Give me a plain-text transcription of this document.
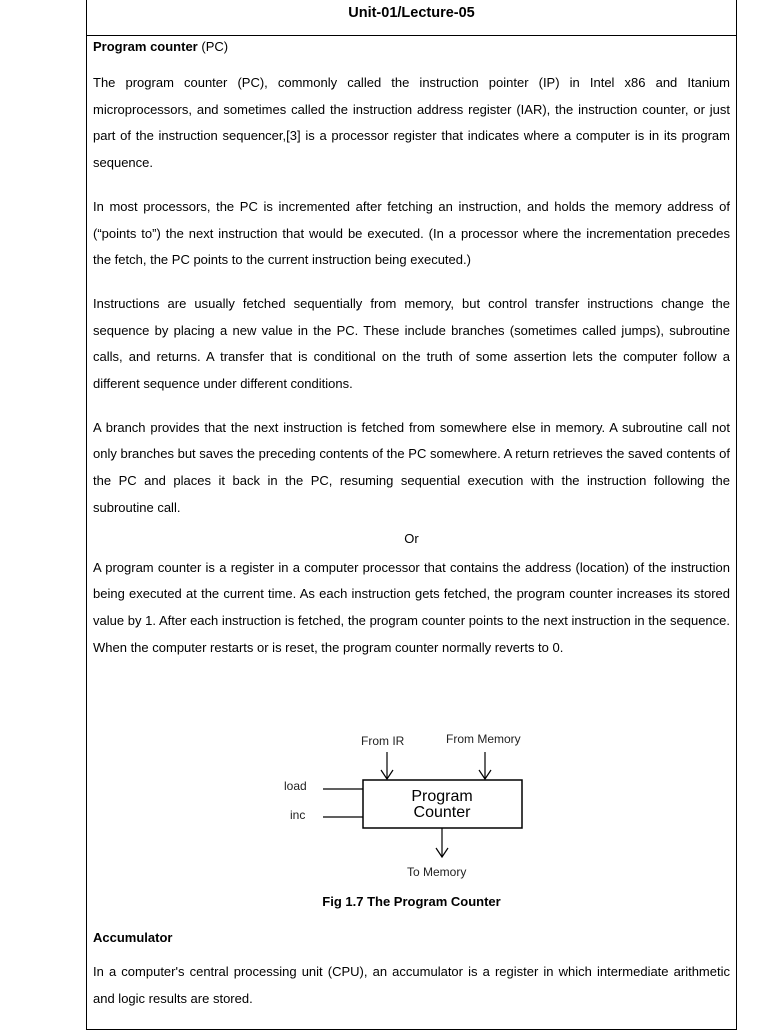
Unit-01/Lecture-05
Program counter (PC)

The program counter (PC), commonly called the instruction pointer (IP) in Intel x86 and Itanium microprocessors, and sometimes called the instruction address register (IAR), the instruction counter, or just part of the instruction sequencer,[3] is a processor register that indicates where a computer is in its program sequence.

In most processors, the PC is incremented after fetching an instruction, and holds the memory address of (“points to”) the next instruction that would be executed. (In a processor where the incrementation precedes the fetch, the PC points to the current instruction being executed.)

Instructions are usually fetched sequentially from memory, but control transfer instructions change the sequence by placing a new value in the PC. These include branches (sometimes called jumps), subroutine calls, and returns. A transfer that is conditional on the truth of some assertion lets the computer follow a different sequence under different conditions.

A branch provides that the next instruction is fetched from somewhere else in memory. A subroutine call not only branches but saves the preceding contents of the PC somewhere. A return retrieves the saved contents of the PC and places it back in the PC, resuming sequential execution with the instruction following the subroutine call.

Or

A program counter is a register in a computer processor that contains the address (location) of the instruction being executed at the current time. As each instruction gets fetched, the program counter increases its stored value by 1. After each instruction is fetched, the program counter points to the next instruction in the sequence. When the computer restarts or is reset, the program counter normally reverts to 0.

From IR	From Memory
Program
Counter
load
inc
To Memory
Fig 1.7 The Program Counter
Accumulator

In a computer's central processing unit (CPU), an accumulator is a register in which intermediate arithmetic and logic results are stored.
